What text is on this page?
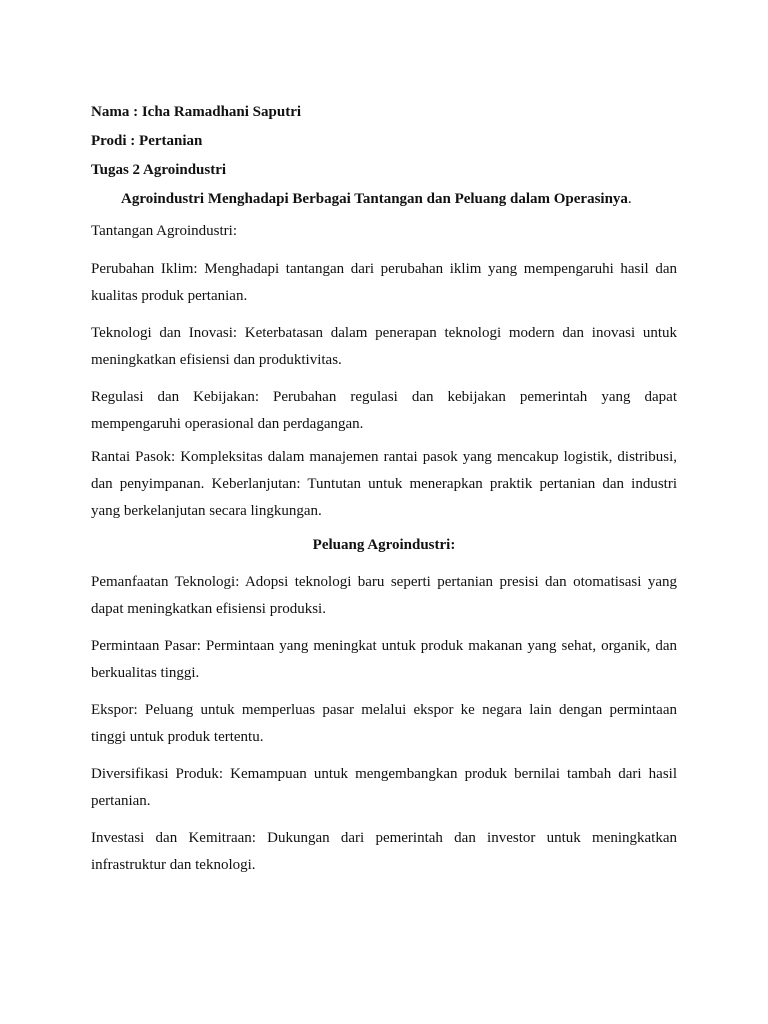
Nama : Icha Ramadhani Saputri

Prodi : Pertanian

Tugas 2 Agroindustri

Agroindustri Menghadapi Berbagai Tantangan dan Peluang dalam Operasinya.

Tantangan Agroindustri:

Perubahan Iklim: Menghadapi tantangan dari perubahan iklim yang mempengaruhi hasil dan kualitas produk pertanian.

Teknologi dan Inovasi: Keterbatasan dalam penerapan teknologi modern dan inovasi untuk meningkatkan efisiensi dan produktivitas.

Regulasi dan Kebijakan: Perubahan regulasi dan kebijakan pemerintah yang dapat mempengaruhi operasional dan perdagangan.

Rantai Pasok: Kompleksitas dalam manajemen rantai pasok yang mencakup logistik, distribusi, dan penyimpanan. Keberlanjutan: Tuntutan untuk menerapkan praktik pertanian dan industri yang berkelanjutan secara lingkungan.

Peluang Agroindustri:

Pemanfaatan Teknologi: Adopsi teknologi baru seperti pertanian presisi dan otomatisasi yang dapat meningkatkan efisiensi produksi.

Permintaan Pasar: Permintaan yang meningkat untuk produk makanan yang sehat, organik, dan berkualitas tinggi.

Ekspor: Peluang untuk memperluas pasar melalui ekspor ke negara lain dengan permintaan tinggi untuk produk tertentu.

Diversifikasi Produk: Kemampuan untuk mengembangkan produk bernilai tambah dari hasil pertanian.

Investasi dan Kemitraan: Dukungan dari pemerintah dan investor untuk meningkatkan infrastruktur dan teknologi.
